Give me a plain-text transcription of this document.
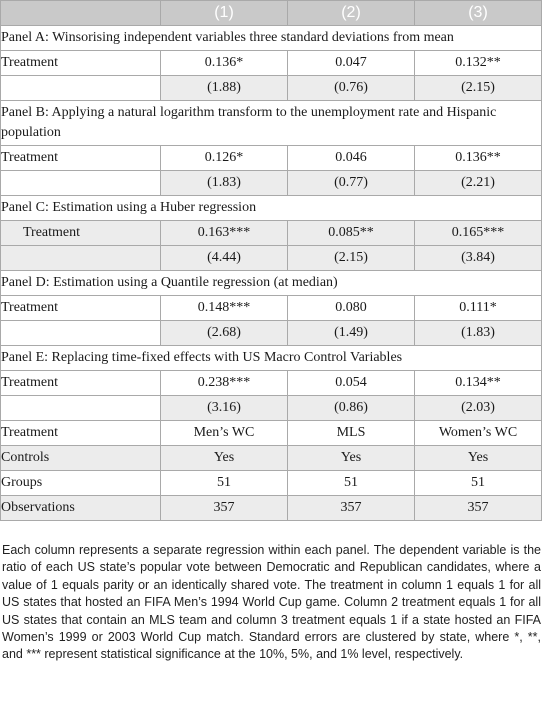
	(1)	(2)	(3)
Panel A: Winsorising independent variables three standard deviations from mean			
Treatment	0.136*	0.047	0.132**
	(1.88)	(0.76)	(2.15)
Panel B: Applying a natural logarithm transform to the unemployment rate and Hispanic population			
Treatment	0.126*	0.046	0.136**
	(1.83)	(0.77)	(2.21)
Panel C: Estimation using a Huber regression			
Treatment	0.163***	0.085**	0.165***
	(4.44)	(2.15)	(3.84)
Panel D: Estimation using a Quantile regression (at median)			
Treatment	0.148***	0.080	0.111*
	(2.68)	(1.49)	(1.83)
Panel E: Replacing time-fixed effects with US Macro Control Variables			
Treatment	0.238***	0.054	0.134**
	(3.16)	(0.86)	(2.03)
Treatment	Men’s WC	MLS	Women’s WC
Controls	Yes	Yes	Yes
Groups	51	51	51
Observations	357	357	357

Each column represents a separate regression within each panel. The dependent variable is the ratio of each US state’s popular vote between Democratic and Republican candidates, where a value of 1 equals parity or an identically shared vote. The treatment in column 1 equals 1 for all US states that hosted an FIFA Men’s 1994 World Cup game. Column 2 treatment equals 1 for all US states that contain an MLS team and column 3 treatment equals 1 if a state hosted an FIFA Women’s 1999 or 2003 World Cup match. Standard errors are clustered by state, where *, **, and *** represent statistical significance at the 10%, 5%, and 1% level, respectively.
